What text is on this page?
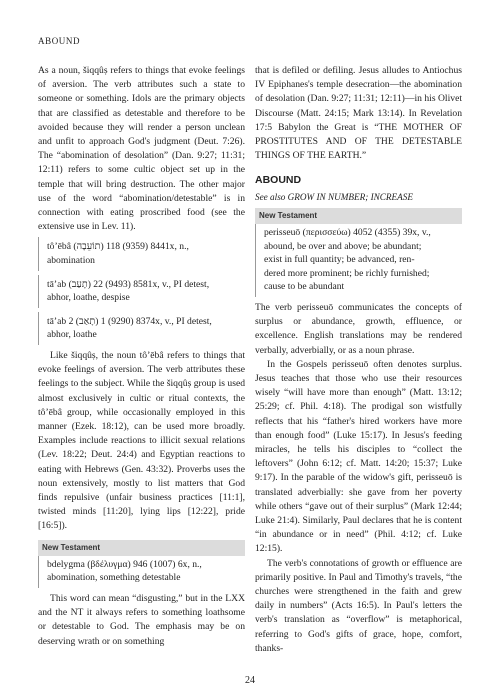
ABOUND

As a noun, šiqqûṣ refers to things that evoke feelings of aversion. The verb attributes such a state to someone or something. Idols are the primary objects that are classified as detestable and therefore to be avoided because they will render a person unclean and unfit to approach God's judgment (Deut. 7:26). The “abomination of desolation” (Dan. 9:27; 11:31; 12:11) refers to some cultic object set up in the temple that will bring destruction. The other major use of the word “abomination/detestable” is in connection with eating proscribed food (see the extensive use in Lev. 11).

tô’ēbâ (תוֹעֵבָה) 8441 (9359) 118x, n.,
abomination
tā’ab (תָעַב) 8581 (9493) 22x, v., PI detest,
abhor, loathe, despise
tā’ab 2 (תָאַב) 8374 (9290) 1x, v., PI detest,
abhor, loathe

Like šiqqûṣ, the noun tô’ēbâ refers to things that evoke feelings of aversion. The verb attributes these feelings to the subject. While the šiqqûṣ group is used almost exclusively in cultic or ritual contexts, the tô’ēbâ group, while occasionally employed in this manner (Ezek. 18:12), can be used more broadly. Examples include reactions to illicit sexual relations (Lev. 18:22; Deut. 24:4) and Egyptian reactions to eating with Hebrews (Gen. 43:32). Proverbs uses the noun extensively, mostly to list matters that God finds repulsive (unfair business practices [11:1], twisted minds [11:20], lying lips [12:22], pride [16:5]).

New Testament
bdelygma (βδέλυγμα) 946 (1007) 6x, n.,
abomination, something detestable

This word can mean “disgusting,” but in the LXX and the NT it always refers to something loathsome or detestable to God. The emphasis may be on deserving wrath or on something

that is defiled or defiling. Jesus alludes to Antiochus IV Epiphanes's temple desecration—the abomination of desolation (Dan. 9:27; 11:31; 12:11)—in his Olivet Discourse (Matt. 24:15; Mark 13:14). In Revelation 17:5 Babylon the Great is “THE MOTHER OF PROSTITUTES AND OF THE DETESTABLE THINGS OF THE EARTH.”

ABOUND
See also GROW IN NUMBER; INCREASE
New Testament
perisseuō (περισσεύω) 4052 (4355) 39x, v.,
abound, be over and above; be abundant;
exist in full quantity; be advanced, ren-
dered more prominent; be richly furnished;
cause to be abundant

The verb perisseuō communicates the concepts of surplus or abundance, growth, effluence, or excellence. English translations may be rendered verbally, adverbially, or as a noun phrase.

In the Gospels perisseuō often denotes surplus. Jesus teaches that those who use their resources wisely “will have more than enough” (Matt. 13:12; 25:29; cf. Phil. 4:18). The prodigal son wistfully reflects that his “father's hired workers have more than enough food” (Luke 15:17). In Jesus's feeding miracles, he tells his disciples to “collect the leftovers” (John 6:12; cf. Matt. 14:20; 15:37; Luke 9:17). In the parable of the widow's gift, perisseuō is translated adverbially: she gave from her poverty while others “gave out of their surplus” (Mark 12:44; Luke 21:4). Similarly, Paul declares that he is content “in abundance or in need” (Phil. 4:12; cf. Luke 12:15).

The verb's connotations of growth or effluence are primarily positive. In Paul and Timothy's travels, “the churches were strengthened in the faith and grew daily in numbers” (Acts 16:5). In Paul's letters the verb's translation as “overflow” is metaphorical, referring to God's gifts of grace, hope, comfort, thanks-

24
